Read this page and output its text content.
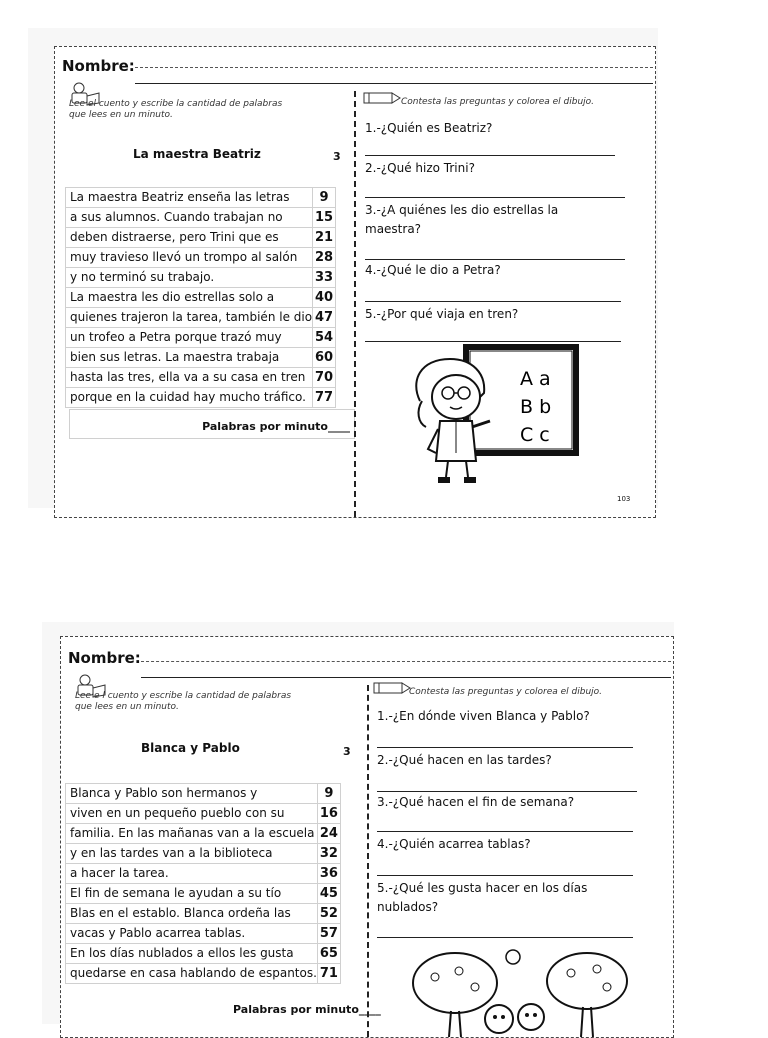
Nombre:
Lee el cuento y escribe la cantidad de palabras que lees en un minuto.
La maestra Beatriz	3
La maestra Beatriz enseña las letras	9
a sus alumnos. Cuando trabajan no	15
deben distraerse, pero Trini que es	21
muy travieso llevó un trompo al salón	28
y no terminó su trabajo.	33
La maestra les dio estrellas solo a	40
quienes trajeron la tarea, también le dio	47
un trofeo a Petra porque trazó muy	54
bien sus letras. La maestra trabaja	60
hasta las tres, ella va a su casa en tren	70
porque en la cuidad hay mucho tráfico.	77
Palabras por minuto____
Contesta las preguntas y colorea el dibujo.
1.-¿Quién es Beatriz?
2.-¿Qué hizo Trini?
3.-¿A quiénes les dio estrellas la maestra?
4.-¿Qué le dio a Petra?
5.-¿Por qué viaja en tren?
A a
B b
C c
103
Nombre:
Lee e l cuento y escribe la cantidad de palabras que lees en un minuto.
Blanca y Pablo	3
Blanca y Pablo son hermanos y	9
viven en un pequeño pueblo con su	16
familia. En las mañanas van a la escuela	24
y en las tardes van a la biblioteca	32
a hacer la tarea.	36
El fin de semana le ayudan a su tío	45
Blas en el establo. Blanca ordeña las	52
vacas y Pablo acarrea tablas.	57
En los días nublados a ellos les gusta	65
quedarse en casa hablando de espantos.	71
Palabras por minuto____
Contesta las preguntas y colorea el dibujo.
1.-¿En dónde viven Blanca y Pablo?
2.-¿Qué hacen en las tardes?
3.-¿Qué hacen el fin de semana?
4.-¿Quién acarrea tablas?
5.-¿Qué les gusta hacer en los días nublados?
